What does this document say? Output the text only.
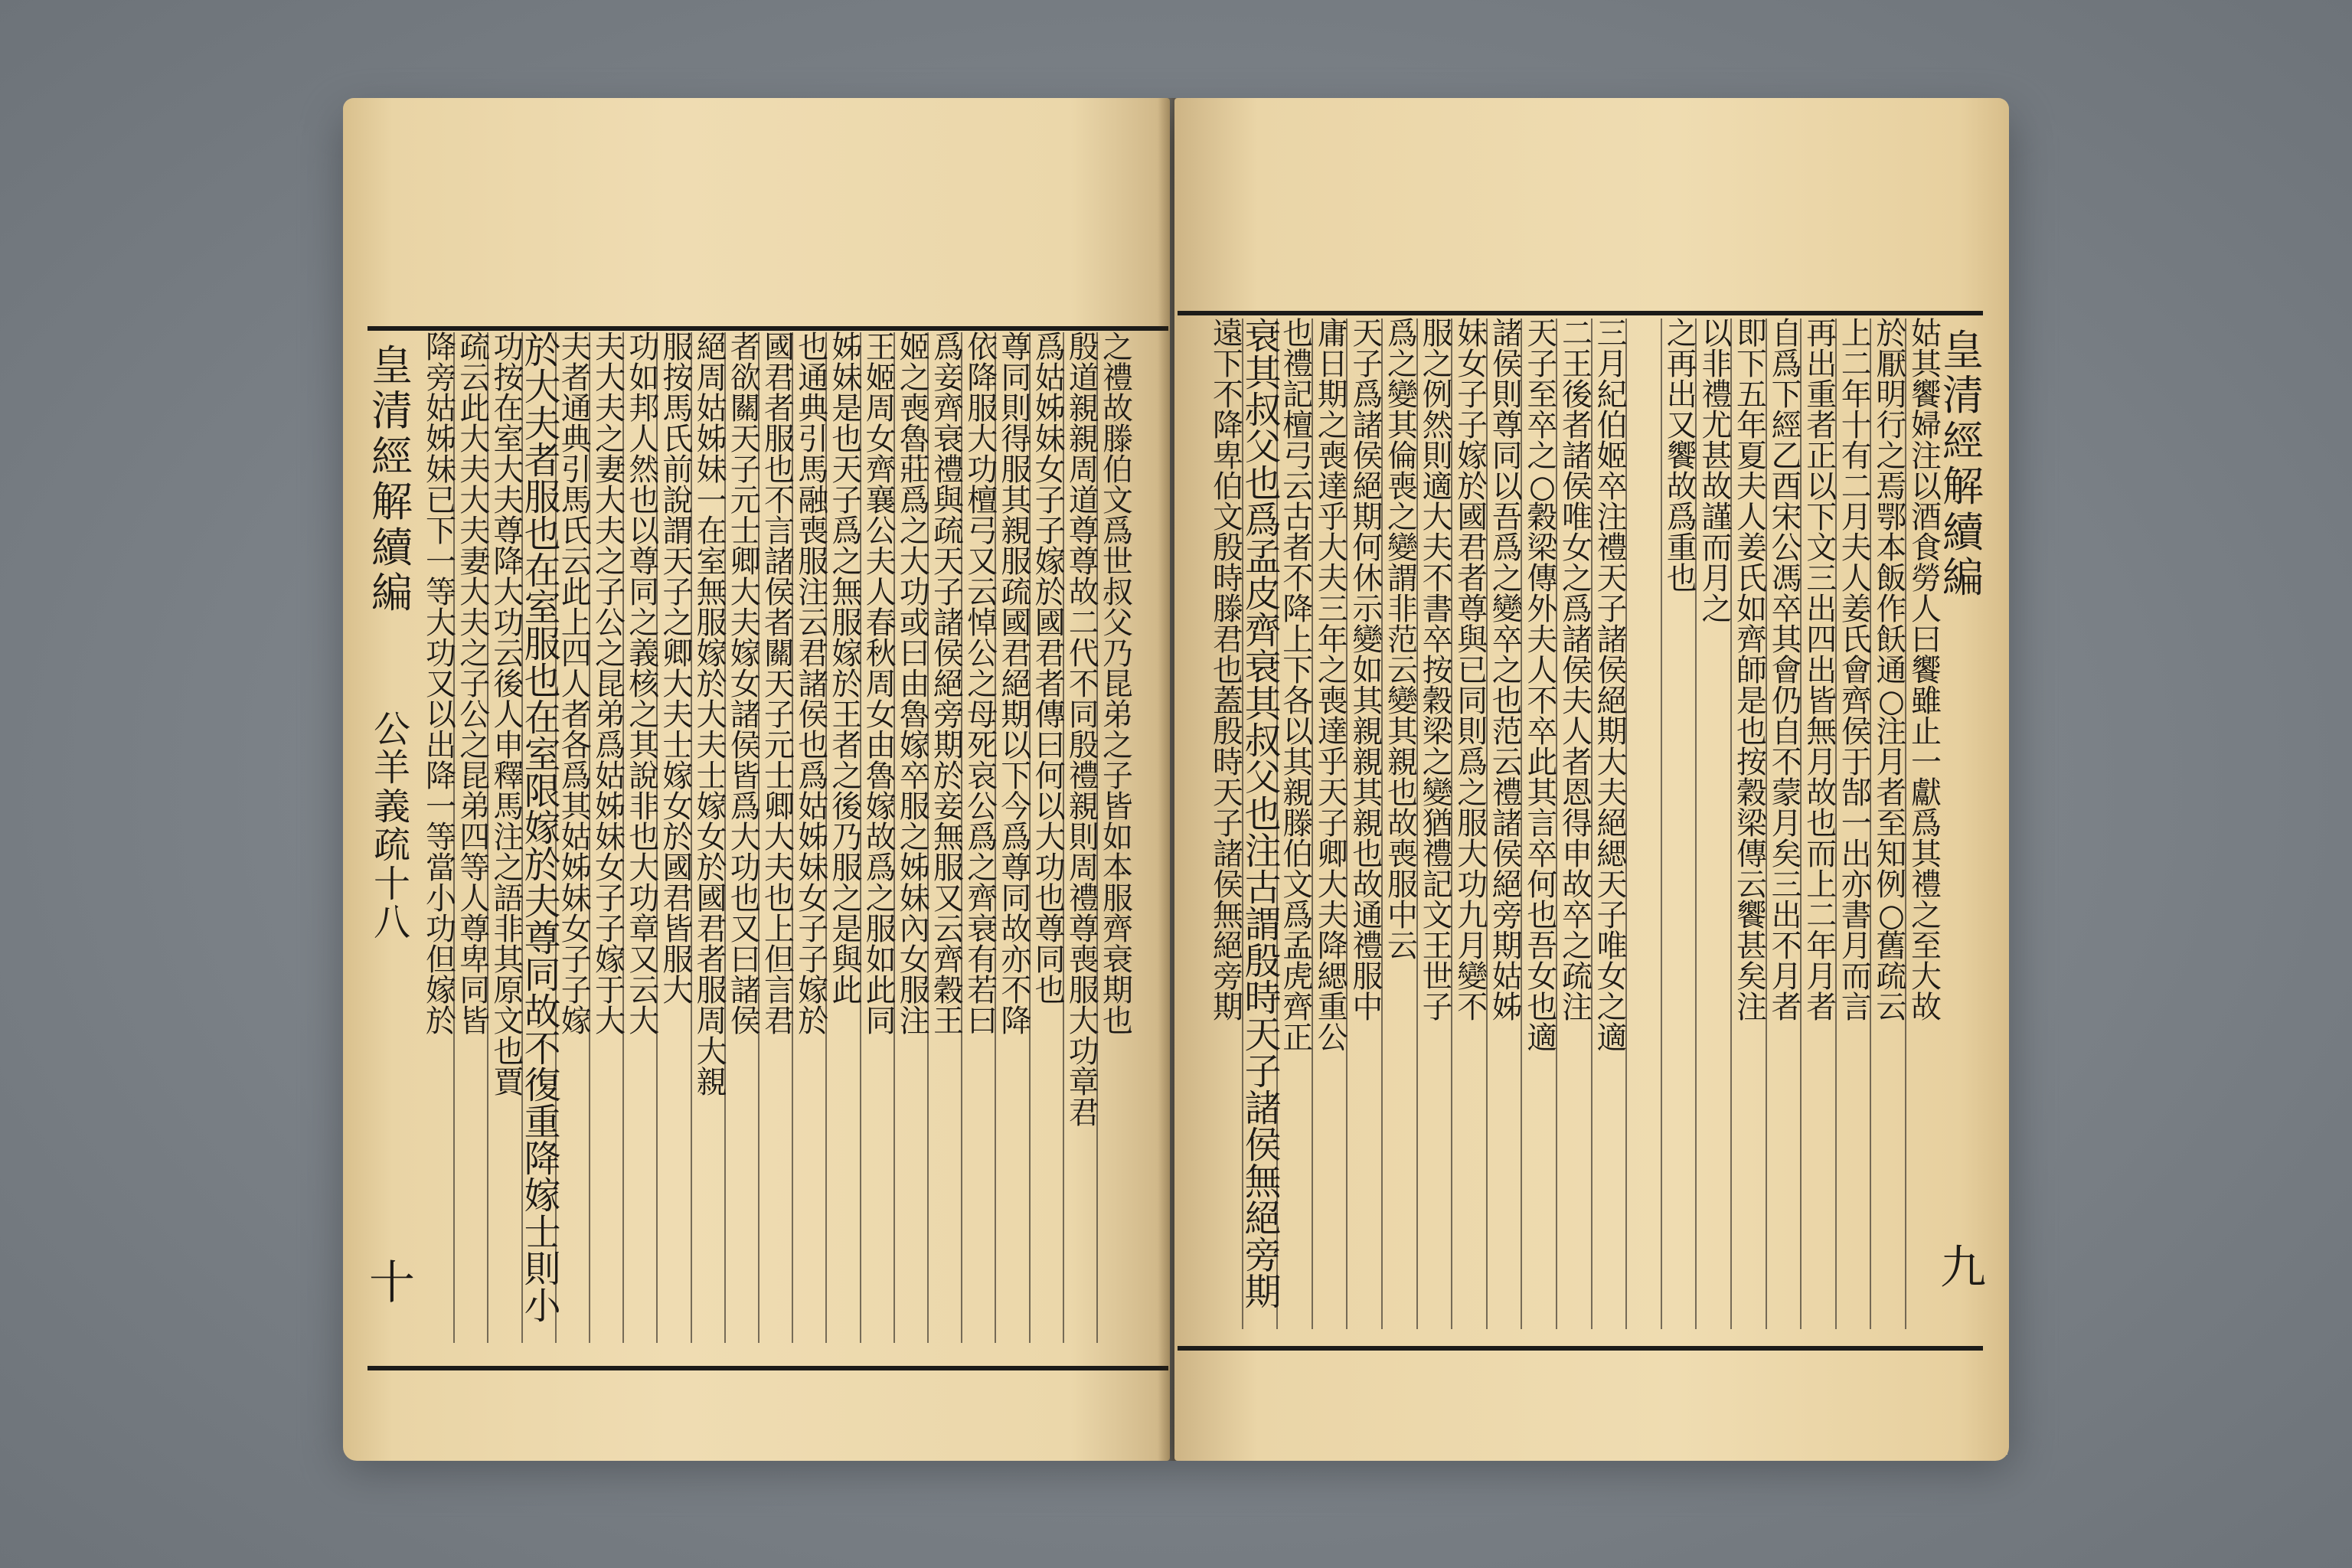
之
禮
故
滕
伯
文
爲
世
叔
父
乃
昆
弟
之
子
皆
如
本
服
齊
衰
期
也
殷
道
親
親
周
道
尊
尊
故
二
代
不
同
殷
禮
親
則
周
禮
尊
喪
服
大
功
章
君
爲
姑
姊
妹
女
子
子
嫁
於
國
君
者
傳
曰
何
以
大
功
也
尊
同
也
尊
同
則
得
服
其
親
服
疏
國
君
絕
期
以
下
今
爲
尊
同
故
亦
不
降
依
降
服
大
功
檀
弓
又
云
悼
公
之
母
死
哀
公
爲
之
齊
衰
有
若
曰
爲
妾
齊
衰
禮
與
疏
天
子
諸
侯
絕
旁
期
於
妾
無
服
又
云
齊
穀
王
姬
之
喪
魯
莊
爲
之
大
功
或
曰
由
魯
嫁
卒
服
之
姊
妹
內
女
服
注
王
姬
周
女
齊
襄
公
夫
人
春
秋
周
女
由
魯
嫁
故
爲
之
服
如
此
同
姊
妹
是
也
天
子
爲
之
無
服
嫁
於
王
者
之
後
乃
服
之
是
與
此
也
通
典
引
馬
融
喪
服
注
云
君
諸
侯
也
爲
姑
姊
妹
女
子
子
嫁
於
國
君
者
服
也
不
言
諸
侯
者
關
天
子
元
士
卿
大
夫
也
上
但
言
君
者
欲
關
天
子
元
士
卿
大
夫
嫁
女
諸
侯
皆
爲
大
功
也
又
曰
諸
侯
絕
周
姑
姊
妹
一
在
室
無
服
嫁
於
大
夫
士
嫁
女
於
國
君
者
服
周
大
親
服
按
馬
氏
前
說
謂
天
子
之
卿
大
夫
士
嫁
女
於
國
君
皆
服
大
功
如
邦
人
然
也
以
尊
同
之
義
核
之
其
說
非
也
大
功
章
又
云
大
夫
大
夫
之
妻
大
夫
之
子
公
之
昆
弟
爲
姑
姊
妹
女
子
子
嫁
于
大
夫
者
通
典
引
馬
氏
云
此
上
四
人
者
各
爲
其
姑
姊
妹
女
子
子
嫁
於
大
夫
者
服
也
在
室
服
也
在
室
限
嫁
於
夫
尊
同
故
不
復
重
降
嫁
士
則
小
功
按
在
室
大
夫
尊
降
大
功
云
後
人
申
釋
馬
注
之
語
非
其
原
文
也
賈
疏
云
此
大
夫
大
夫
妻
大
夫
之
子
公
之
昆
弟
四
等
人
尊
卑
同
皆
降
旁
姑
姊
妹
已
下
一
等
大
功
又
以
出
降
一
等
當
小
功
但
嫁
於
皇
清
經
解
續
編
公
羊
義
疏
十
八
十
姑
其
饗
婦
注
以
酒
食
勞
人
曰
饗
雖
止
一
獻
爲
其
禮
之
至
大
故
於
厭
明
行
之
焉
鄂
本
飯
作
飫
通
○
注
月
者
至
知
例
○
舊
疏
云
上
二
年
十
有
二
月
夫
人
姜
氏
會
齊
侯
于
郜
一
出
亦
書
月
而
言
再
出
重
者
正
以
下
文
三
出
四
出
皆
無
月
故
也
而
上
二
年
月
者
自
爲
下
經
乙
酉
宋
公
馮
卒
其
會
仍
自
不
蒙
月
矣
三
出
不
月
者
即
下
五
年
夏
夫
人
姜
氏
如
齊
師
是
也
按
穀
梁
傳
云
饗
甚
矣
注
以
非
禮
尤
甚
故
謹
而
月
之
之
再
出
又
饗
故
爲
重
也
三
月
紀
伯
姬
卒
注
禮
天
子
諸
侯
絕
期
大
夫
絕
緦
天
子
唯
女
之
適
二
王
後
者
諸
侯
唯
女
之
爲
諸
侯
夫
人
者
恩
得
申
故
卒
之
疏
注
天
子
至
卒
之
○
穀
梁
傳
外
夫
人
不
卒
此
其
言
卒
何
也
吾
女
也
適
諸
侯
則
尊
同
以
吾
爲
之
變
卒
之
也
范
云
禮
諸
侯
絕
旁
期
姑
姊
妹
女
子
子
嫁
於
國
君
者
尊
與
已
同
則
爲
之
服
大
功
九
月
變
不
服
之
例
然
則
適
大
夫
不
書
卒
按
穀
梁
之
變
猶
禮
記
文
王
世
子
爲
之
變
其
倫
喪
之
變
謂
非
范
云
變
其
親
也
故
喪
服
中
云
天
子
爲
諸
侯
絕
期
何
休
示
變
如
其
親
親
其
親
也
故
通
禮
服
中
庸
日
期
之
喪
達
乎
大
夫
三
年
之
喪
達
乎
天
子
卿
大
夫
降
緦
重
公
也
禮
記
檀
弓
云
古
者
不
降
上
下
各
以
其
親
滕
伯
文
爲
孟
虎
齊
正
衰
其
叔
父
也
爲
孟
皮
齊
衰
其
叔
父
也
注
古
謂
殷
時
天
子
諸
侯
無
絕
旁
期
遠
下
不
降
卑
伯
文
殷
時
滕
君
也
蓋
殷
時
天
子
諸
侯
無
絕
旁
期
皇
清
經
解
續
編
九
